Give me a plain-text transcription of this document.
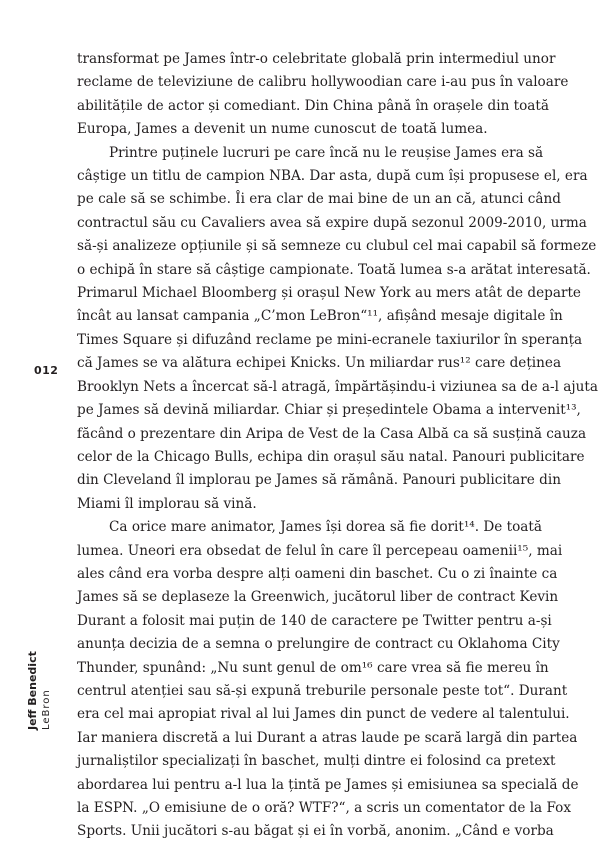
transformat pe James într-o celebritate globală prin intermediul unor
reclame de televiziune de calibru hollywoodian care i-au pus în valoare
abilitățile de actor și comediant. Din China până în orașele din toată
Europa, James a devenit un nume cunoscut de toată lumea.
Printre puținele lucruri pe care încă nu le reușise James era să
câștige un titlu de campion NBA. Dar asta, după cum își propusese el, era
pe cale să se schimbe. Îi era clar de mai bine de un an că, atunci când
contractul său cu Cavaliers avea să expire după sezonul 2009-2010, urma
să-și analizeze opțiunile și să semneze cu clubul cel mai capabil să formeze
o echipă în stare să câștige campionate. Toată lumea s-a arătat interesată.
Primarul Michael Bloomberg și orașul New York au mers atât de departe
încât au lansat campania „C’mon LeBron“¹¹, afișând mesaje digitale în
Times Square și difuzând reclame pe mini-ecranele taxiurilor în speranța
că James se va alătura echipei Knicks. Un miliardar rus¹² care deținea
Brooklyn Nets a încercat să-l atragă, împărtășindu-i viziunea sa de a-l ajuta
pe James să devină miliardar. Chiar și președintele Obama a intervenit¹³,
făcând o prezentare din Aripa de Vest de la Casa Albă ca să susțină cauza
celor de la Chicago Bulls, echipa din orașul său natal. Panouri publicitare
din Cleveland îl implorau pe James să rămână. Panouri publicitare din
Miami îl implorau să vină.
Ca orice mare animator, James își dorea să fie dorit¹⁴. De toată
lumea. Uneori era obsedat de felul în care îl percepeau oamenii¹⁵, mai
ales când era vorba despre alți oameni din baschet. Cu o zi înainte ca
James să se deplaseze la Greenwich, jucătorul liber de contract Kevin
Durant a folosit mai puțin de 140 de caractere pe Twitter pentru a-și
anunța decizia de a semna o prelungire de contract cu Oklahoma City
Thunder, spunând: „Nu sunt genul de om¹⁶ care vrea să fie mereu în
centrul atenției sau să-și expună treburile personale peste tot“. Durant
era cel mai apropiat rival al lui James din punct de vedere al talentului.
Iar maniera discretă a lui Durant a atras laude pe scară largă din partea
jurnaliștilor specializați în baschet, mulți dintre ei folosind ca pretext
abordarea lui pentru a-l lua la țintă pe James și emisiunea sa specială de
la ESPN. „O emisiune de o oră? WTF?“, a scris un comentator de la Fox
Sports. Unii jucători s-au băgat și ei în vorbă, anonim. „Când e vorba
012
Jeff Benedict LeBron
